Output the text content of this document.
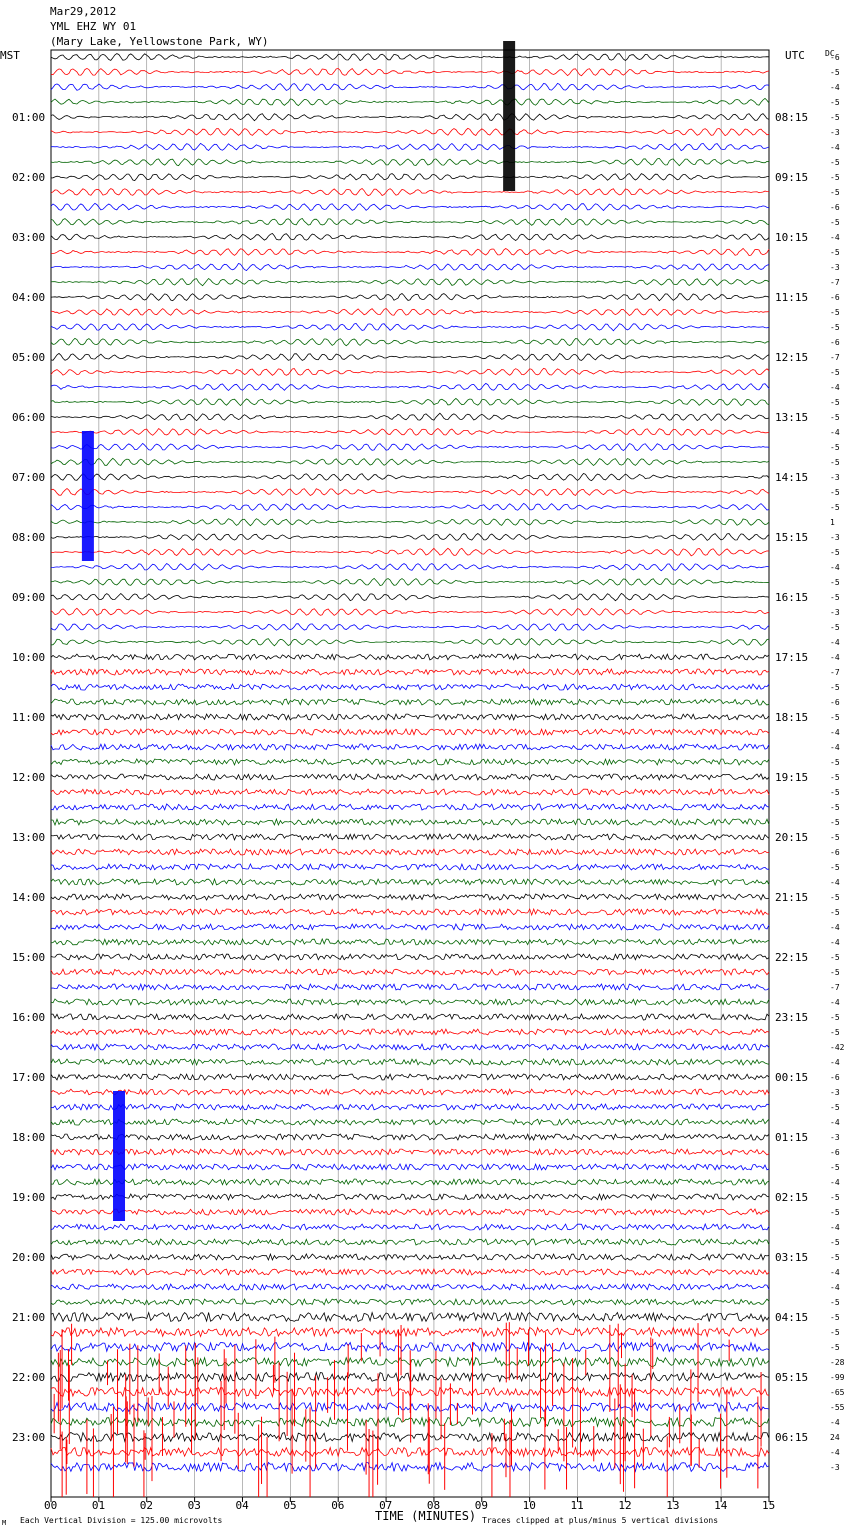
Mar29,2012
YML EHZ WY 01
(Mary Lake, Yellowstone Park, WY)
MST	UTC	DC
01:00
02:00
03:00
04:00
05:00
06:00
07:00
08:00
09:00
10:00
11:00
12:00
13:00
14:00
15:00
16:00
17:00
18:00
19:00
20:00
21:00
22:00
23:00
08:15
09:15
10:15
11:15
12:15
13:15
14:15
15:15
16:15
17:15
18:15
19:15
20:15
21:15
22:15
23:15
00:15
01:15
02:15
03:15
04:15
05:15
06:15
-6
-5
-4
-5
-5
-3
-4
-5
-5
-5
-6
-5
-4
-5
-3
-7
-6
-5
-5
-6
-7
-5
-4
-5
-5
-4
-5
-5
-3
-5
-5
1
-3
-5
-4
-5
-5
-3
-5
-4
-4
-7
-5
-6
-5
-4
-4
-5
-5
-5
-5
-5
-5
-6
-5
-4
-5
-5
-4
-4
-5
-5
-7
-4
-5
-5
-42
-4
-6
-3
-5
-4
-3
-6
-5
-4
-5
-5
-4
-5
-5
-4
-4
-5
-5
-5
-5
-28
-99
-65
-55
-4
24
-4
-3
00	01	02	03	04	05	06	07	08	09	10	11	12	13	14	15
TIME (MINUTES)
M Each Vertical Division = 125.00 microvolts	Traces clipped at plus/minus 5 vertical divisions
